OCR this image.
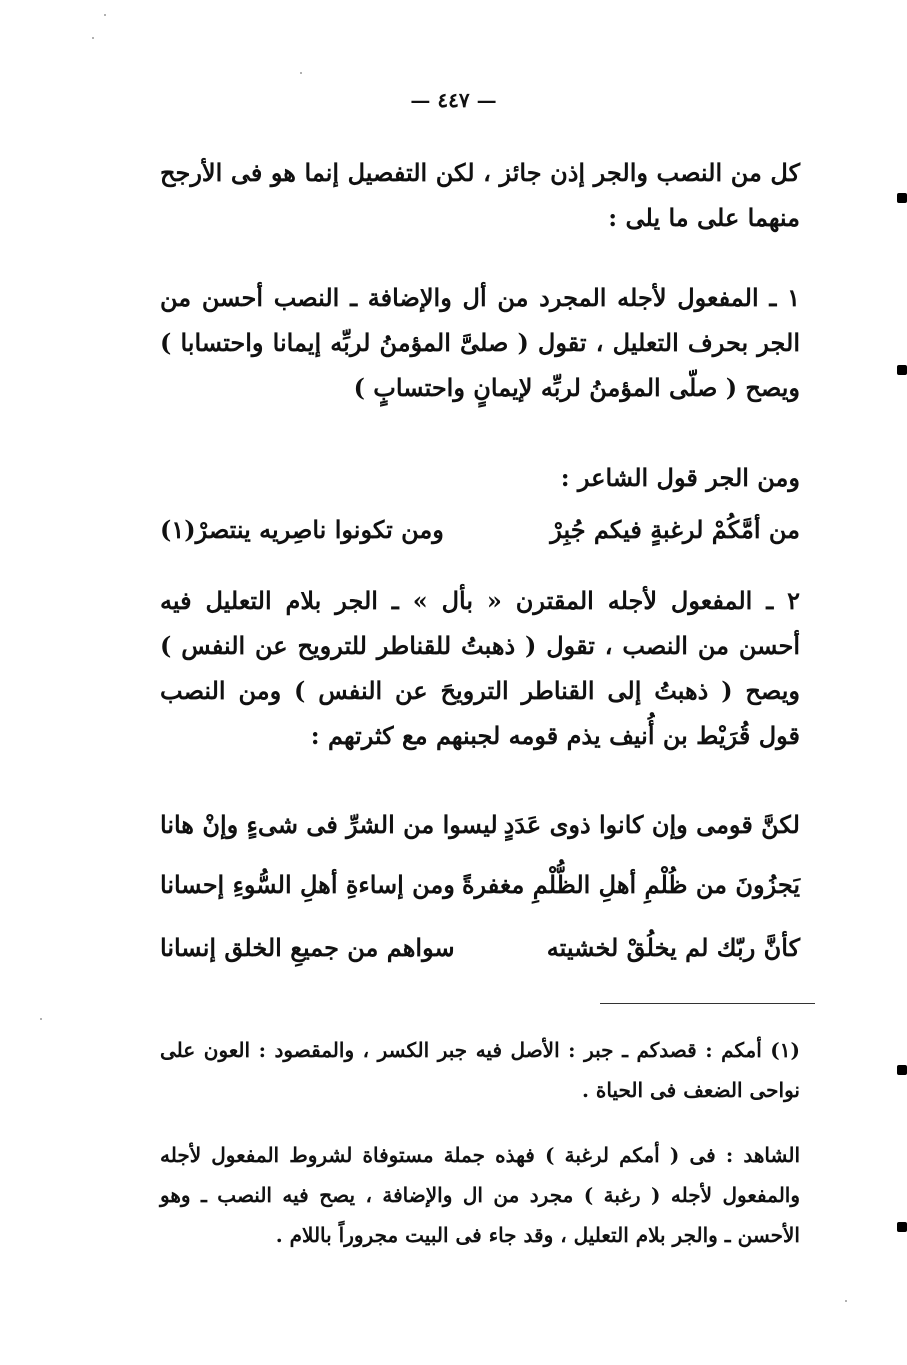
— ٤٤٧ —
كل من النصب والجر إذن جائز ، لكن التفصيل إنما هو فى الأرجح منهما على ما يلى :
١ ـ المفعول لأجله المجرد من أل والإضافة ـ النصب أحسن من الجر بحرف التعليل ، تقول ( صلىَّ المؤمنُ لربِّه إيمانا واحتسابا ) ويصح ( صلّى المؤمنُ لربِّه لإيمانٍ واحتسابٍ )
ومن الجر قول الشاعر :
من أمَّكُمْ لرغبةٍ فيكم جُبِرْ
ومن تكونوا ناصِريه ينتصرْ(١)
٢ ـ المفعول لأجله المقترن « بأل » ـ الجر بلام التعليل فيه أحسن من النصب ، تقول ( ذهبتُ للقناطر للترويح عن النفس ) ويصح ( ذهبتُ إلى القناطر الترويحَ عن النفس ) ومن النصب قول قُرَيْط بن أُنيف يذم قومه لجبنهم مع كثرتهم :
لكنَّ قومى وإن كانوا ذوى عَدَدٍ
ليسوا من الشرِّ فى شىءٍ وإنْ هانا
يَجزُونَ من ظُلْمِ أهلِ الظُّلْمِ مغفرةً
ومن إساءةِ أهلِ السُّوءِ إحسانا
كأنَّ ربّك لم يخلُقْ لخشيته
سواهم من جميعِ الخلق إنسانا
(١) أمكم : قصدكم ـ جبر : الأصل فيه جبر الكسر ، والمقصود : العون على نواحى الضعف فى الحياة .
الشاهد : فى ( أمكم لرغبة ) فهذه جملة مستوفاة لشروط المفعول لأجله والمفعول لأجله ( رغبة ) مجرد من ال والإضافة ، يصح فيه النصب ـ وهو الأحسن ـ والجر بلام التعليل ، وقد جاء فى البيت مجروراً باللام .
